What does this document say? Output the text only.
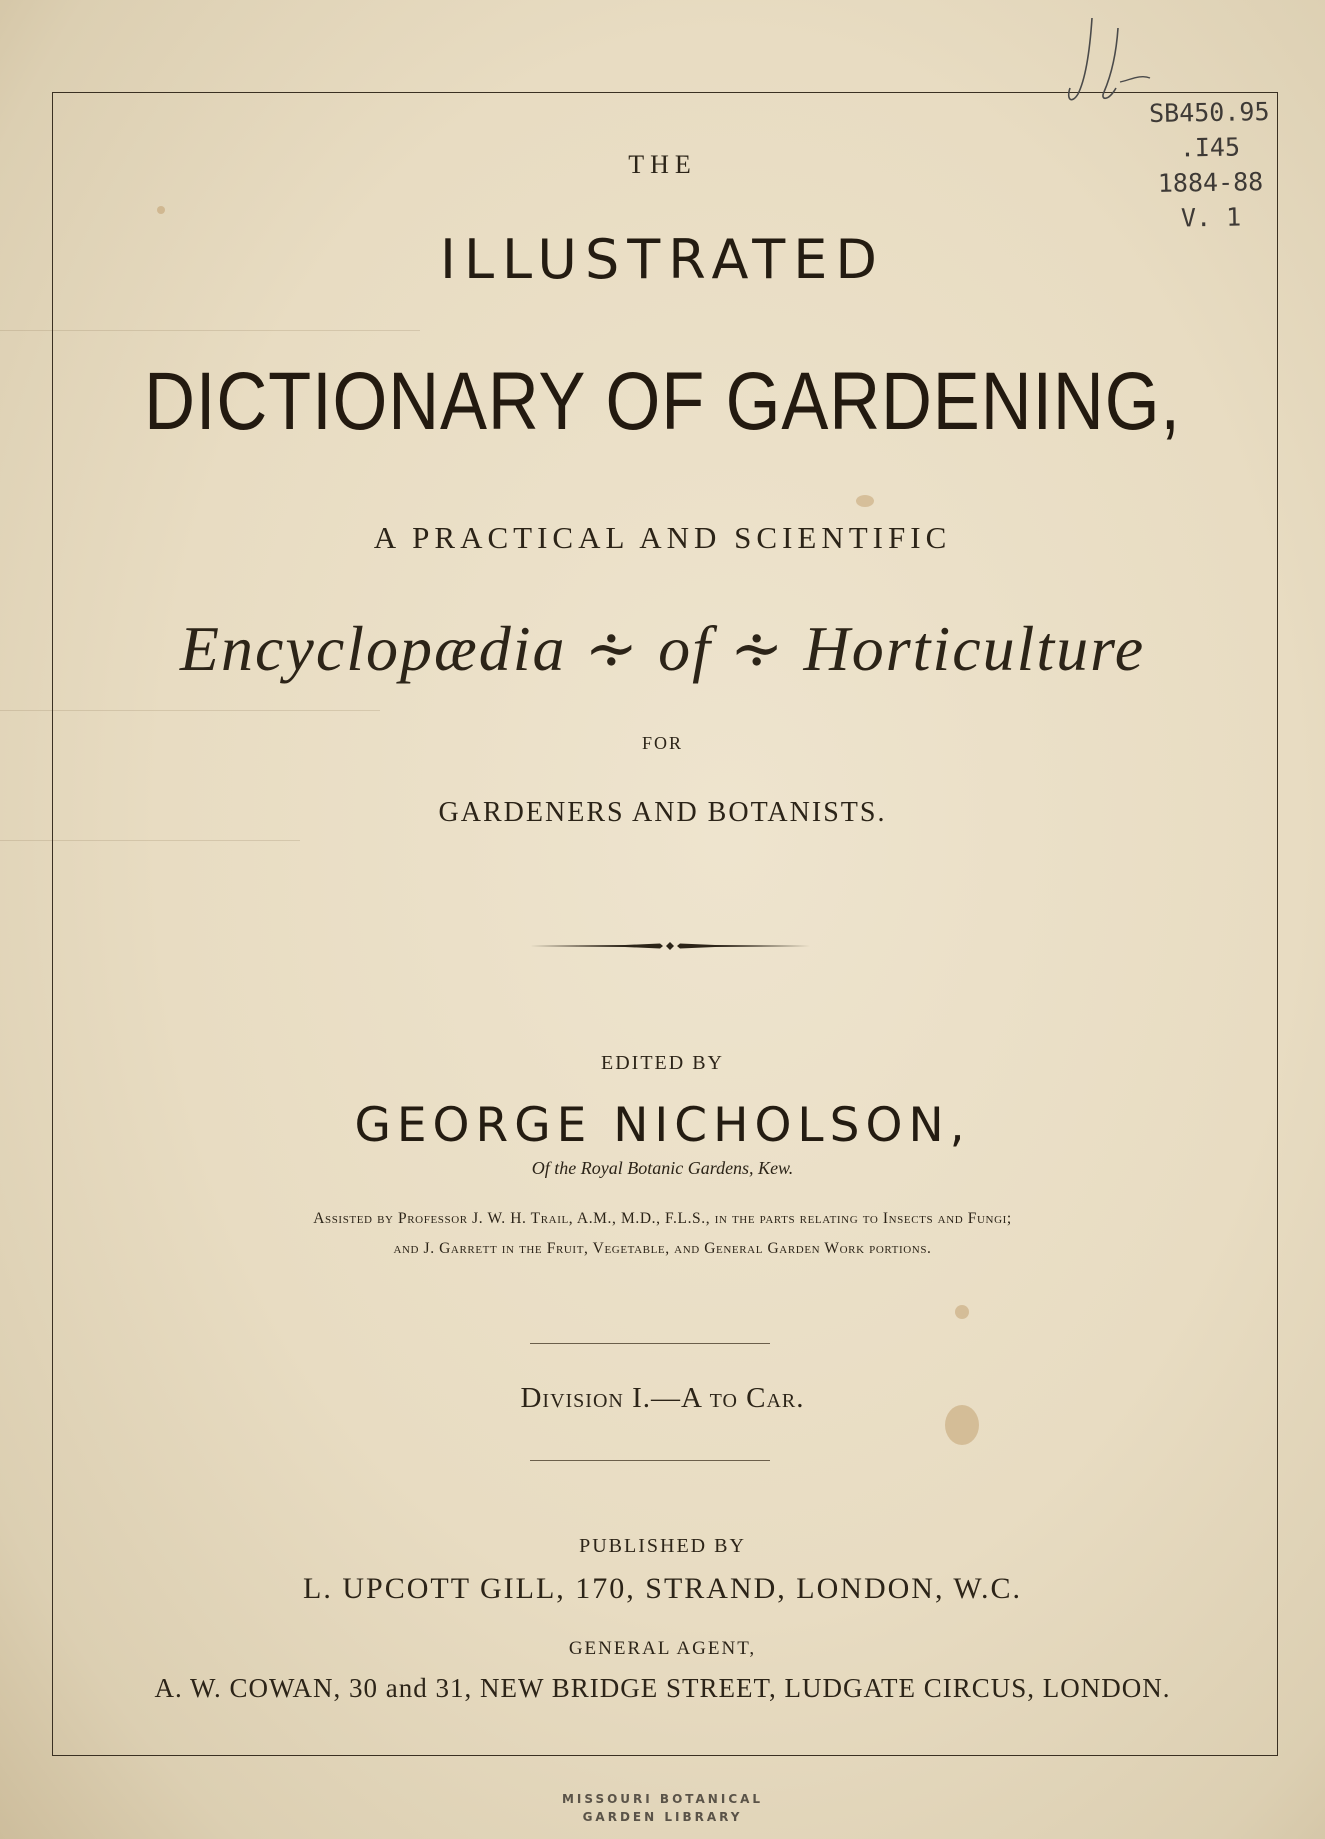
SB450.95
.I45
1884-88
V. 1
THE
ILLUSTRATED
DICTIONARY OF GARDENING,
A PRACTICAL AND SCIENTIFIC
Encyclopædia ∻ of ∻ Horticulture
FOR
GARDENERS AND BOTANISTS.
EDITED BY
GEORGE NICHOLSON,
Of the Royal Botanic Gardens, Kew.
Assisted by Professor J. W. H. Trail, A.M., M.D., F.L.S., in the parts relating to Insects and Fungi;
and J. Garrett in the Fruit, Vegetable, and General Garden Work portions.
Division I.—A to Car.
PUBLISHED BY
L. UPCOTT GILL, 170, STRAND, LONDON, W.C.
GENERAL AGENT,
A. W. COWAN, 30 and 31, NEW BRIDGE STREET, LUDGATE CIRCUS, LONDON.
MISSOURI BOTANICAL
GARDEN LIBRARY
